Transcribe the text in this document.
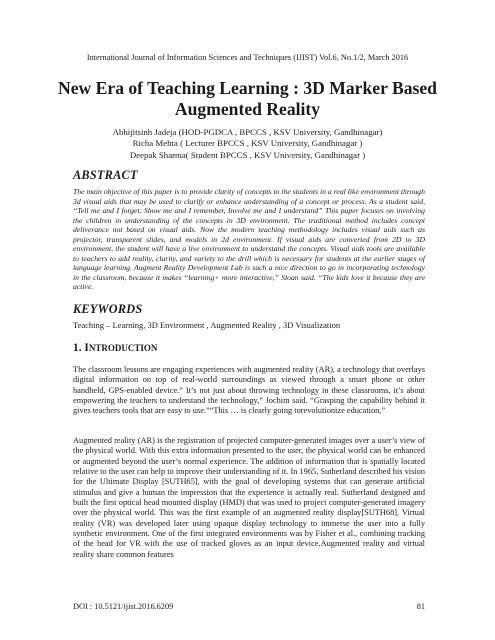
International Journal of Information Sciences and Techniques (IJIST) Vol.6, No.1/2, March 2016
New Era of Teaching Learning : 3D Marker Based
Augmented Reality
Abhijitsinh Jadeja (HOD-PGDCA , BPCCS , KSV University, Gandhinagar)
Richa Mehta ( Lecturer BPCCS , KSV University, Gandhinagar )
Deepak Sharma( Student BPCCS , KSV University, Gandhinagar )
ABSTRACT

The main objective of this paper is to provide clarity of concepts to the students in a real like environment through 3d visual aids that may be used to clarify or enhance understanding of a concept or process. As a student said, “Tell me and I forget. Show me and I remember, Involve me and I understand” This paper focuses on involving the children in understanding of the concepts in 3D environment. The traditional method includes concept deliverance not based on visual aids. Now the modern teaching methodology includes visual aids such as projector, transparent slides, and models in 2d environment. If visual aids are converted from 2D to 3D environment, the student will have a live environment to understand the concepts. Visual aids tools are available to teachers to add reality, clarity, and variety to the drill which is necessary for students at the earlier stages of language learning. Augment Reality Development Lab is such a nice direction to go in incorporating technology in the classroom, because it makes “learning+ more interactive,” Sloan said. “The kids love it because they are active.

KEYWORDS
Teaching – Learning, 3D Environment , Augmented Reality , 3D Visualization
1. INTRODUCTION

The classroom lessons are engaging experiences with augmented reality (AR), a technology that overlays digital information on top of real-world surroundings as viewed through a smart phone or other handheld, GPS-enabled device.” It’s not just about throwing technology in these classrooms, it’s about empowering the teachers to understand the technology,” Jochim said. “Grasping the capability behind it gives teachers tools that are easy to use.”“This … is clearly going torevolutionize education,”

Augmented reality (AR) is the registration of projected computer-generated images over a user’s view of the physical world. With this extra information presented to the user, the physical world can be enhanced or augmented beyond the user’s normal experience. The addition of information that is spatially located relative to the user can help to improve their understanding of it. In 1965, Sutherland described his vision for the Ultimate Display [SUTH65], with the goal of developing systems that can generate artificial stimulus and give a human the impression that the experience is actually real. Sutherland designed and built the first optical head mounted display (HMD) that was used to project computer-generated imagery over the physical world. This was the first example of an augmented reality display[SUTH68]. Virtual reality (VR) was developed later using opaque display technology to immerse the user into a fully synthetic environment. One of the first integrated environments was by Fisher et al., combining tracking of the head for VR with the use of tracked gloves as an input device.Augmented reality and virtual reality share common features

DOI : 10.5121/ijist.2016.6209	81
